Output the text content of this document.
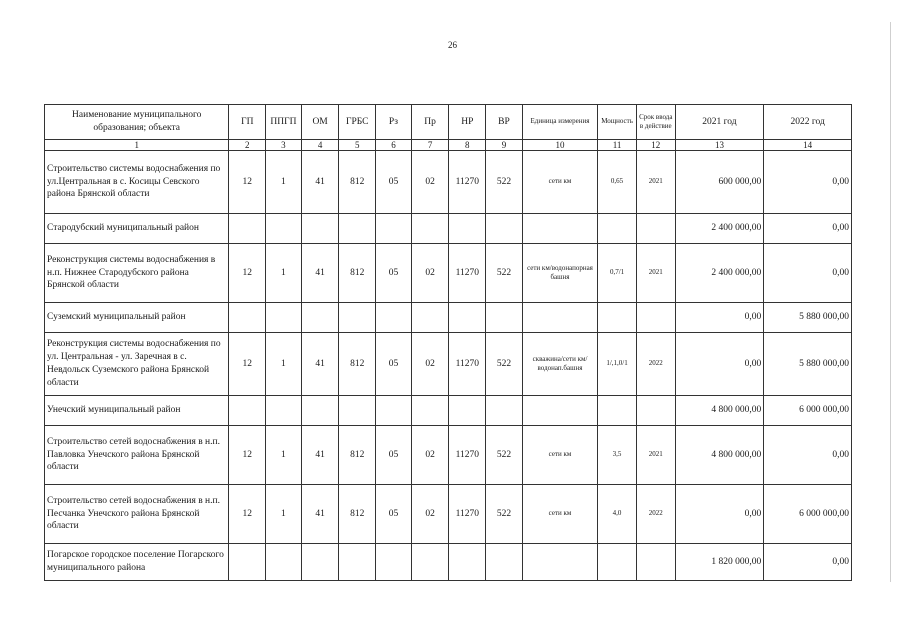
26
Наименование муниципального образования; объекта	ГП	ППГП	ОМ	ГРБС	Рз	Пр	НР	ВР	Единица измерения	Мощность	Срок ввода в действие	2021 год	2022 год
1	2	3	4	5	6	7	8	9	10	11	12	13	14
Строительство системы водоснабжения по ул.Центральная в с. Косицы Севского района Брянской области	12	1	41	812	05	02	11270	522	сети км	0,65	2021	600 000,00	0,00
Стародубский муниципальный район												2 400 000,00	0,00
Реконструкция системы водоснабжения в н.п. Нижнее Стародубского района Брянской области	12	1	41	812	05	02	11270	522	сети км/водонапорная башня	0,7/1	2021	2 400 000,00	0,00
Суземский муниципальный район												0,00	5 880 000,00
Реконструкция системы водоснабжения по ул. Центральная - ул. Заречная в с. Невдольск Суземского района Брянской области	12	1	41	812	05	02	11270	522	скважина/сети км/водонап.башня	1/,1,0/1	2022	0,00	5 880 000,00
Унечский муниципальный район												4 800 000,00	6 000 000,00
Строительство сетей водоснабжения в н.п. Павловка Унечского района Брянской области	12	1	41	812	05	02	11270	522	сети км	3,5	2021	4 800 000,00	0,00
Строительство сетей водоснабжения в н.п. Песчанка Унечского района Брянской области	12	1	41	812	05	02	11270	522	сети км	4,0	2022	0,00	6 000 000,00
Погарское городское поселение Погарского муниципального района												1 820 000,00	0,00
